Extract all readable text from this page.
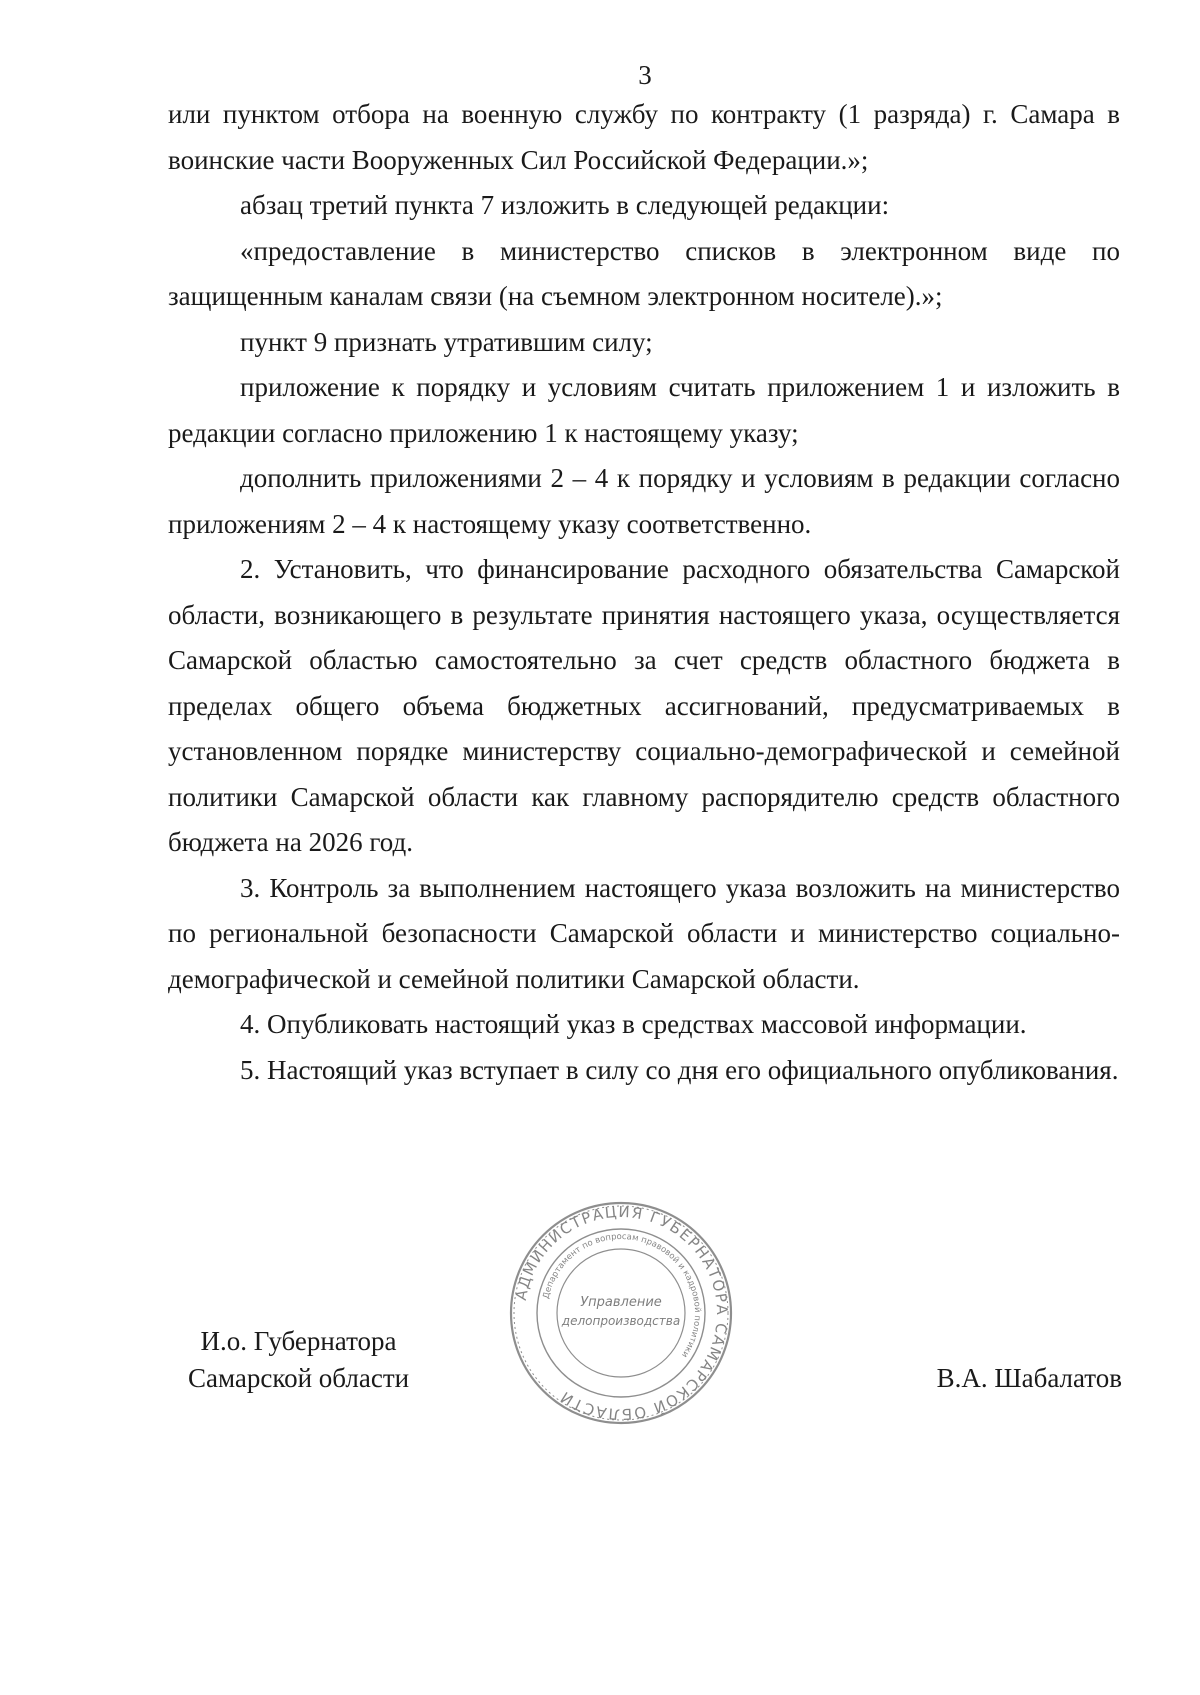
3

или пунктом отбора на военную службу по контракту (1 разряда) г. Самара в воинские части Вооруженных Сил Российской Федерации.»;

абзац третий пункта 7 изложить в следующей редакции:

«предоставление в министерство списков в электронном виде по защищенным каналам связи (на съемном электронном носителе).»;

пункт 9 признать утратившим силу;

приложение к порядку и условиям считать приложением 1 и изложить в редакции согласно приложению 1 к настоящему указу;

дополнить приложениями 2 – 4 к порядку и условиям в редакции согласно приложениям 2 – 4 к настоящему указу соответственно.

2. Установить, что финансирование расходного обязательства Самарской области, возникающего в результате принятия настоящего указа, осуществляется Самарской областью самостоятельно за счет средств областного бюджета в пределах общего объема бюджетных ассигнований, предусматриваемых в установленном порядке министерству социально-демографической и семейной политики Самарской области как главному распорядителю средств областного бюджета на 2026 год.

3. Контроль за выполнением настоящего указа возложить на министерство по региональной безопасности Самарской области и министерство социально-демографической и семейной политики Самарской области.

4. Опубликовать настоящий указ в средствах массовой информации.

5. Настоящий указ вступает в силу со дня его официального опубликования.

И.о. Губернатора
Самарской области
АДМИНИСТРАЦИЯ ГУБЕРНАТОРА САМАРСКОЙ ОБЛАСТИ
Департамент по вопросам правовой и кадровой политики
Управление
делопроизводства
В.А. Шабалатов
